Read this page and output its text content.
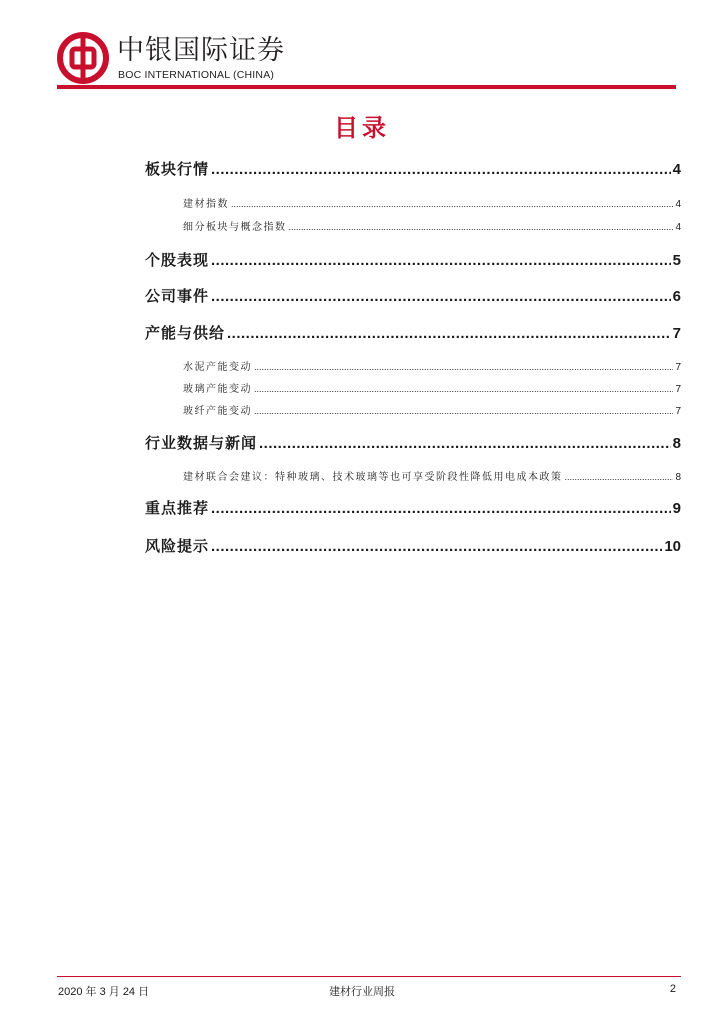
中银国际证券
BOC INTERNATIONAL (CHINA)
目录
板块行情 .....	4
建材指数 .....	4
细分板块与概念指数 .....	4
个股表现 .....	5
公司事件 .....	6
产能与供给 .....	7
水泥产能变动 .....	7
玻璃产能变动 .....	7
玻纤产能变动 .....	7
行业数据与新闻 .....	8
建材联合会建议：特种玻璃、技术玻璃等也可享受阶段性降低用电成本政策 .....	8
重点推荐 .....	9
风险提示 .....	10
2020 年 3 月 24 日	建材行业周报	2
